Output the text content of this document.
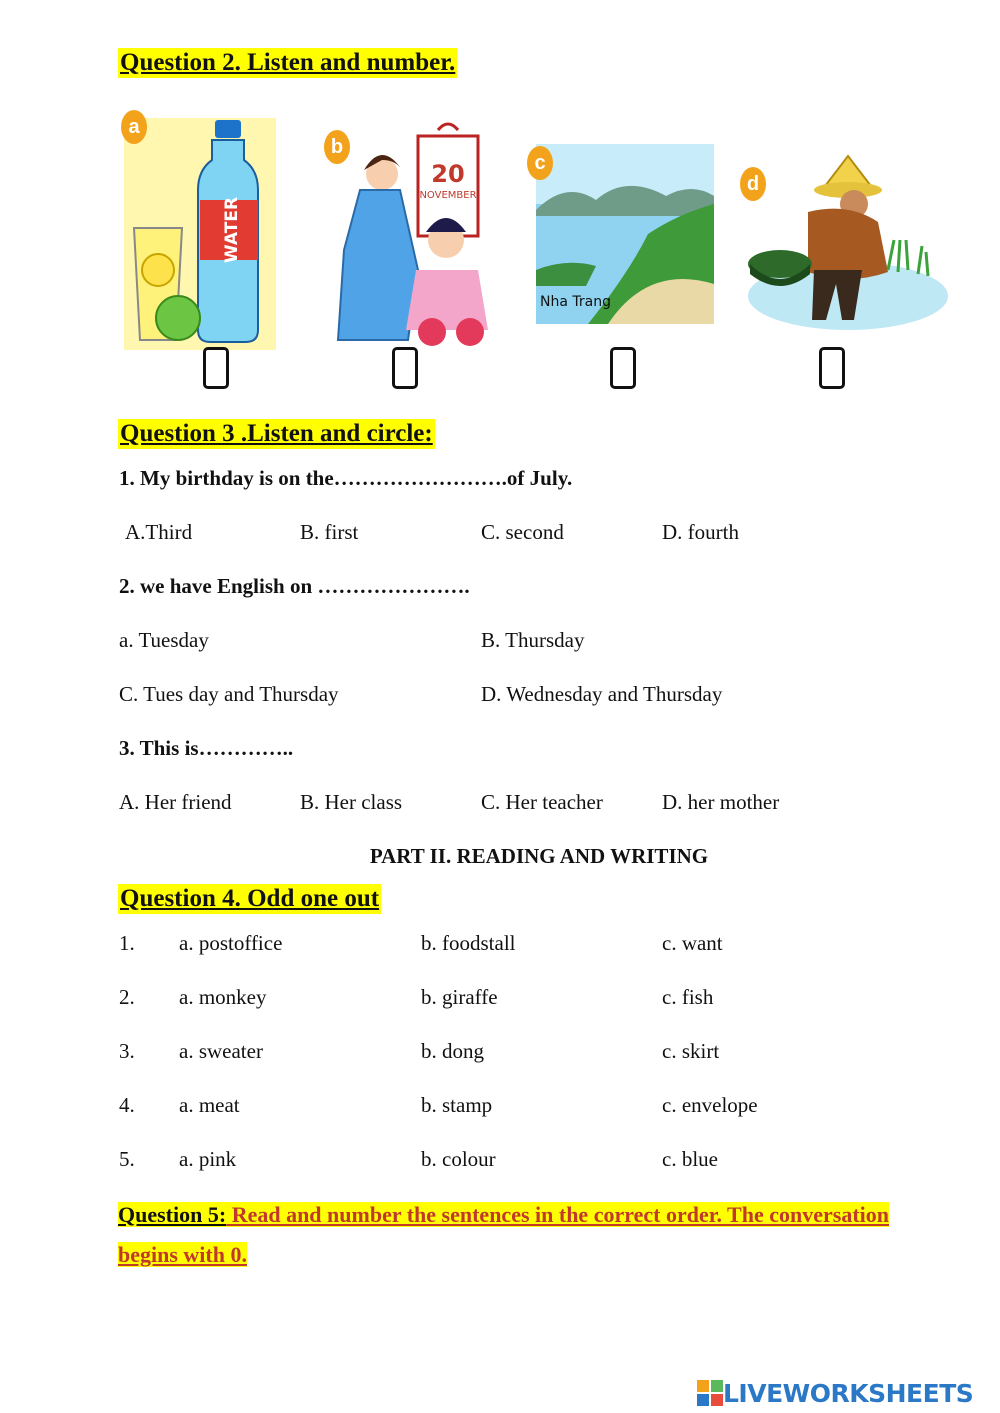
Question 2. Listen and number.
WATER
a
20
NOVEMBER
b
Nha Trang
c
d
Question 3 .Listen and circle:
1. My birthday is on the…………………….of July.
A.Third	B. first	C. second	D. fourth
2. we have English on ………………….
a. Tuesday	B. Thursday
C. Tues day and Thursday	D. Wednesday and Thursday
3. This is…………..
A. Her friend	B. Her class	C. Her teacher	D. her mother
PART II. READING AND WRITING
Question 4. Odd one out
1. a. postoffice	b. foodstall	c. want
2. a. monkey	b. giraffe	c. fish
3. a. sweater	b. dong	c. skirt
4. a. meat	b. stamp	c. envelope
5. a. pink	b. colour	c. blue
Question 5: Read and number the sentences in the correct order. The conversation
begins with 0.
LIVEWORKSHEETS
